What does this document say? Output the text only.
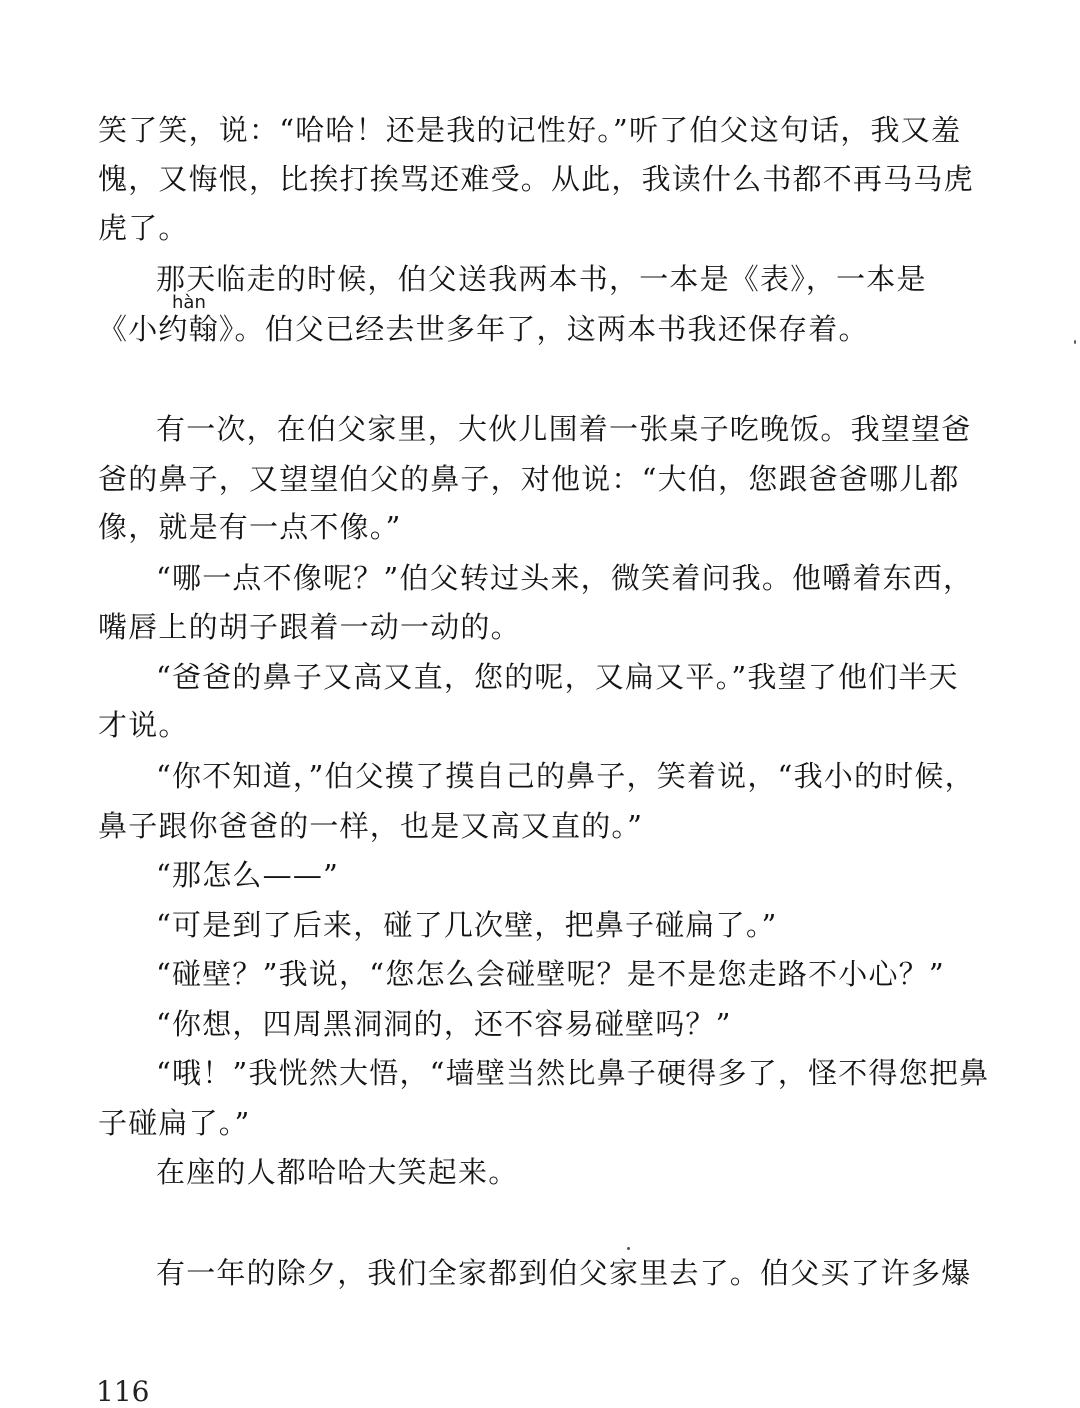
笑了笑，说：“哈哈！还是我的记性好。”听了伯父这句话，我又羞
愧，又悔恨，比挨打挨骂还难受。从此，我读什么书都不再马马虎
虎了。
那天临走的时候，伯父送我两本书，一本是《表》，一本是
hàn
《小约翰》。伯父已经去世多年了，这两本书我还保存着。
有一次，在伯父家里，大伙儿围着一张桌子吃晚饭。我望望爸
爸的鼻子，又望望伯父的鼻子，对他说：“大伯，您跟爸爸哪儿都
像，就是有一点不像。”
“哪一点不像呢？”伯父转过头来，微笑着问我。他嚼着东西，
嘴唇上的胡子跟着一动一动的。
“爸爸的鼻子又高又直，您的呢，又扁又平。”我望了他们半天
才说。
“你不知道，”伯父摸了摸自己的鼻子，笑着说，“我小的时候，
鼻子跟你爸爸的一样，也是又高又直的。”
“那怎么——”
“可是到了后来，碰了几次壁，把鼻子碰扁了。”
“碰壁？”我说，“您怎么会碰壁呢？是不是您走路不小心？”
“你想，四周黑洞洞的，还不容易碰壁吗？”
“哦！”我恍然大悟，“墙壁当然比鼻子硬得多了，怪不得您把鼻
子碰扁了。”
在座的人都哈哈大笑起来。
有一年的除夕，我们全家都到伯父家里去了。伯父买了许多爆
116
